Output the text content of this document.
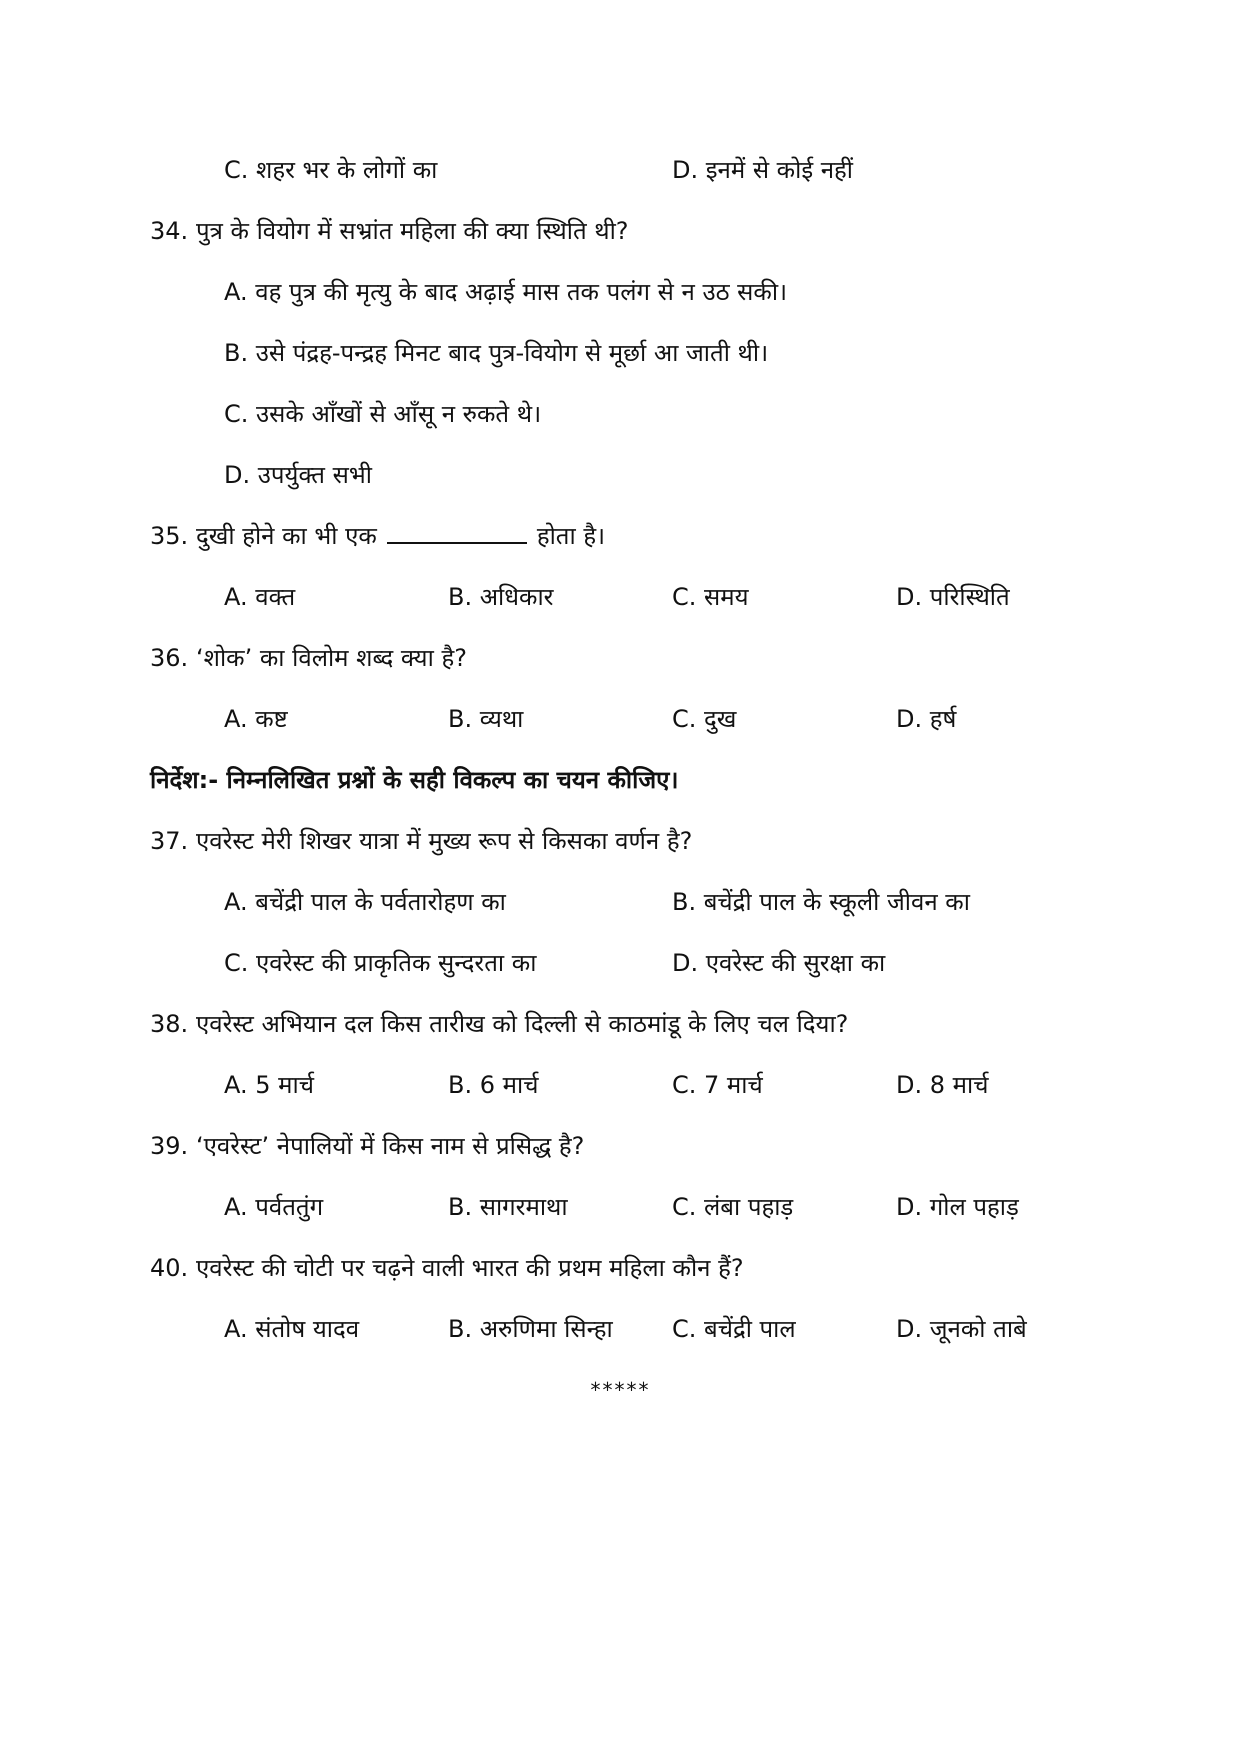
C. शहर भर के लोगों का	D. इनमें से कोई नहीं
34. पुत्र के वियोग में सभ्रांत महिला की क्या स्थिति थी?
A. वह पुत्र की मृत्यु के बाद अढ़ाई मास तक पलंग से न उठ सकी।
B. उसे पंद्रह-पन्द्रह मिनट बाद पुत्र-वियोग से मूर्छा आ जाती थी।
C. उसके आँखों से आँसू न रुकते थे।
D. उपर्युक्त सभी
35. दुखी होने का भी एक	होता है।
A. वक्त	B. अधिकार	C. समय	D. परिस्थिति
36. ‘शोक’ का विलोम शब्द क्या है?
A. कष्ट	B. व्यथा	C. दुख	D. हर्ष
निर्देश:- निम्नलिखित प्रश्नों के सही विकल्प का चयन कीजिए।
37. एवरेस्ट मेरी शिखर यात्रा में मुख्य रूप से किसका वर्णन है?
A. बचेंद्री पाल के पर्वतारोहण का	B. बचेंद्री पाल के स्कूली जीवन का
C. एवरेस्ट की प्राकृतिक सुन्दरता का	D. एवरेस्ट की सुरक्षा का
38. एवरेस्ट अभियान दल किस तारीख को दिल्ली से काठमांडू के लिए चल दिया?
A. 5 मार्च	B. 6 मार्च	C. 7 मार्च	D. 8 मार्च
39. ‘एवरेस्ट’ नेपालियों में किस नाम से प्रसिद्ध है?
A. पर्वततुंग	B. सागरमाथा	C. लंबा पहाड़	D. गोल पहाड़
40. एवरेस्ट की चोटी पर चढ़ने वाली भारत की प्रथम महिला कौन हैं?
A. संतोष यादव	B. अरुणिमा सिन्हा C. बचेंद्री पाल	D. जूनको ताबे
*****
